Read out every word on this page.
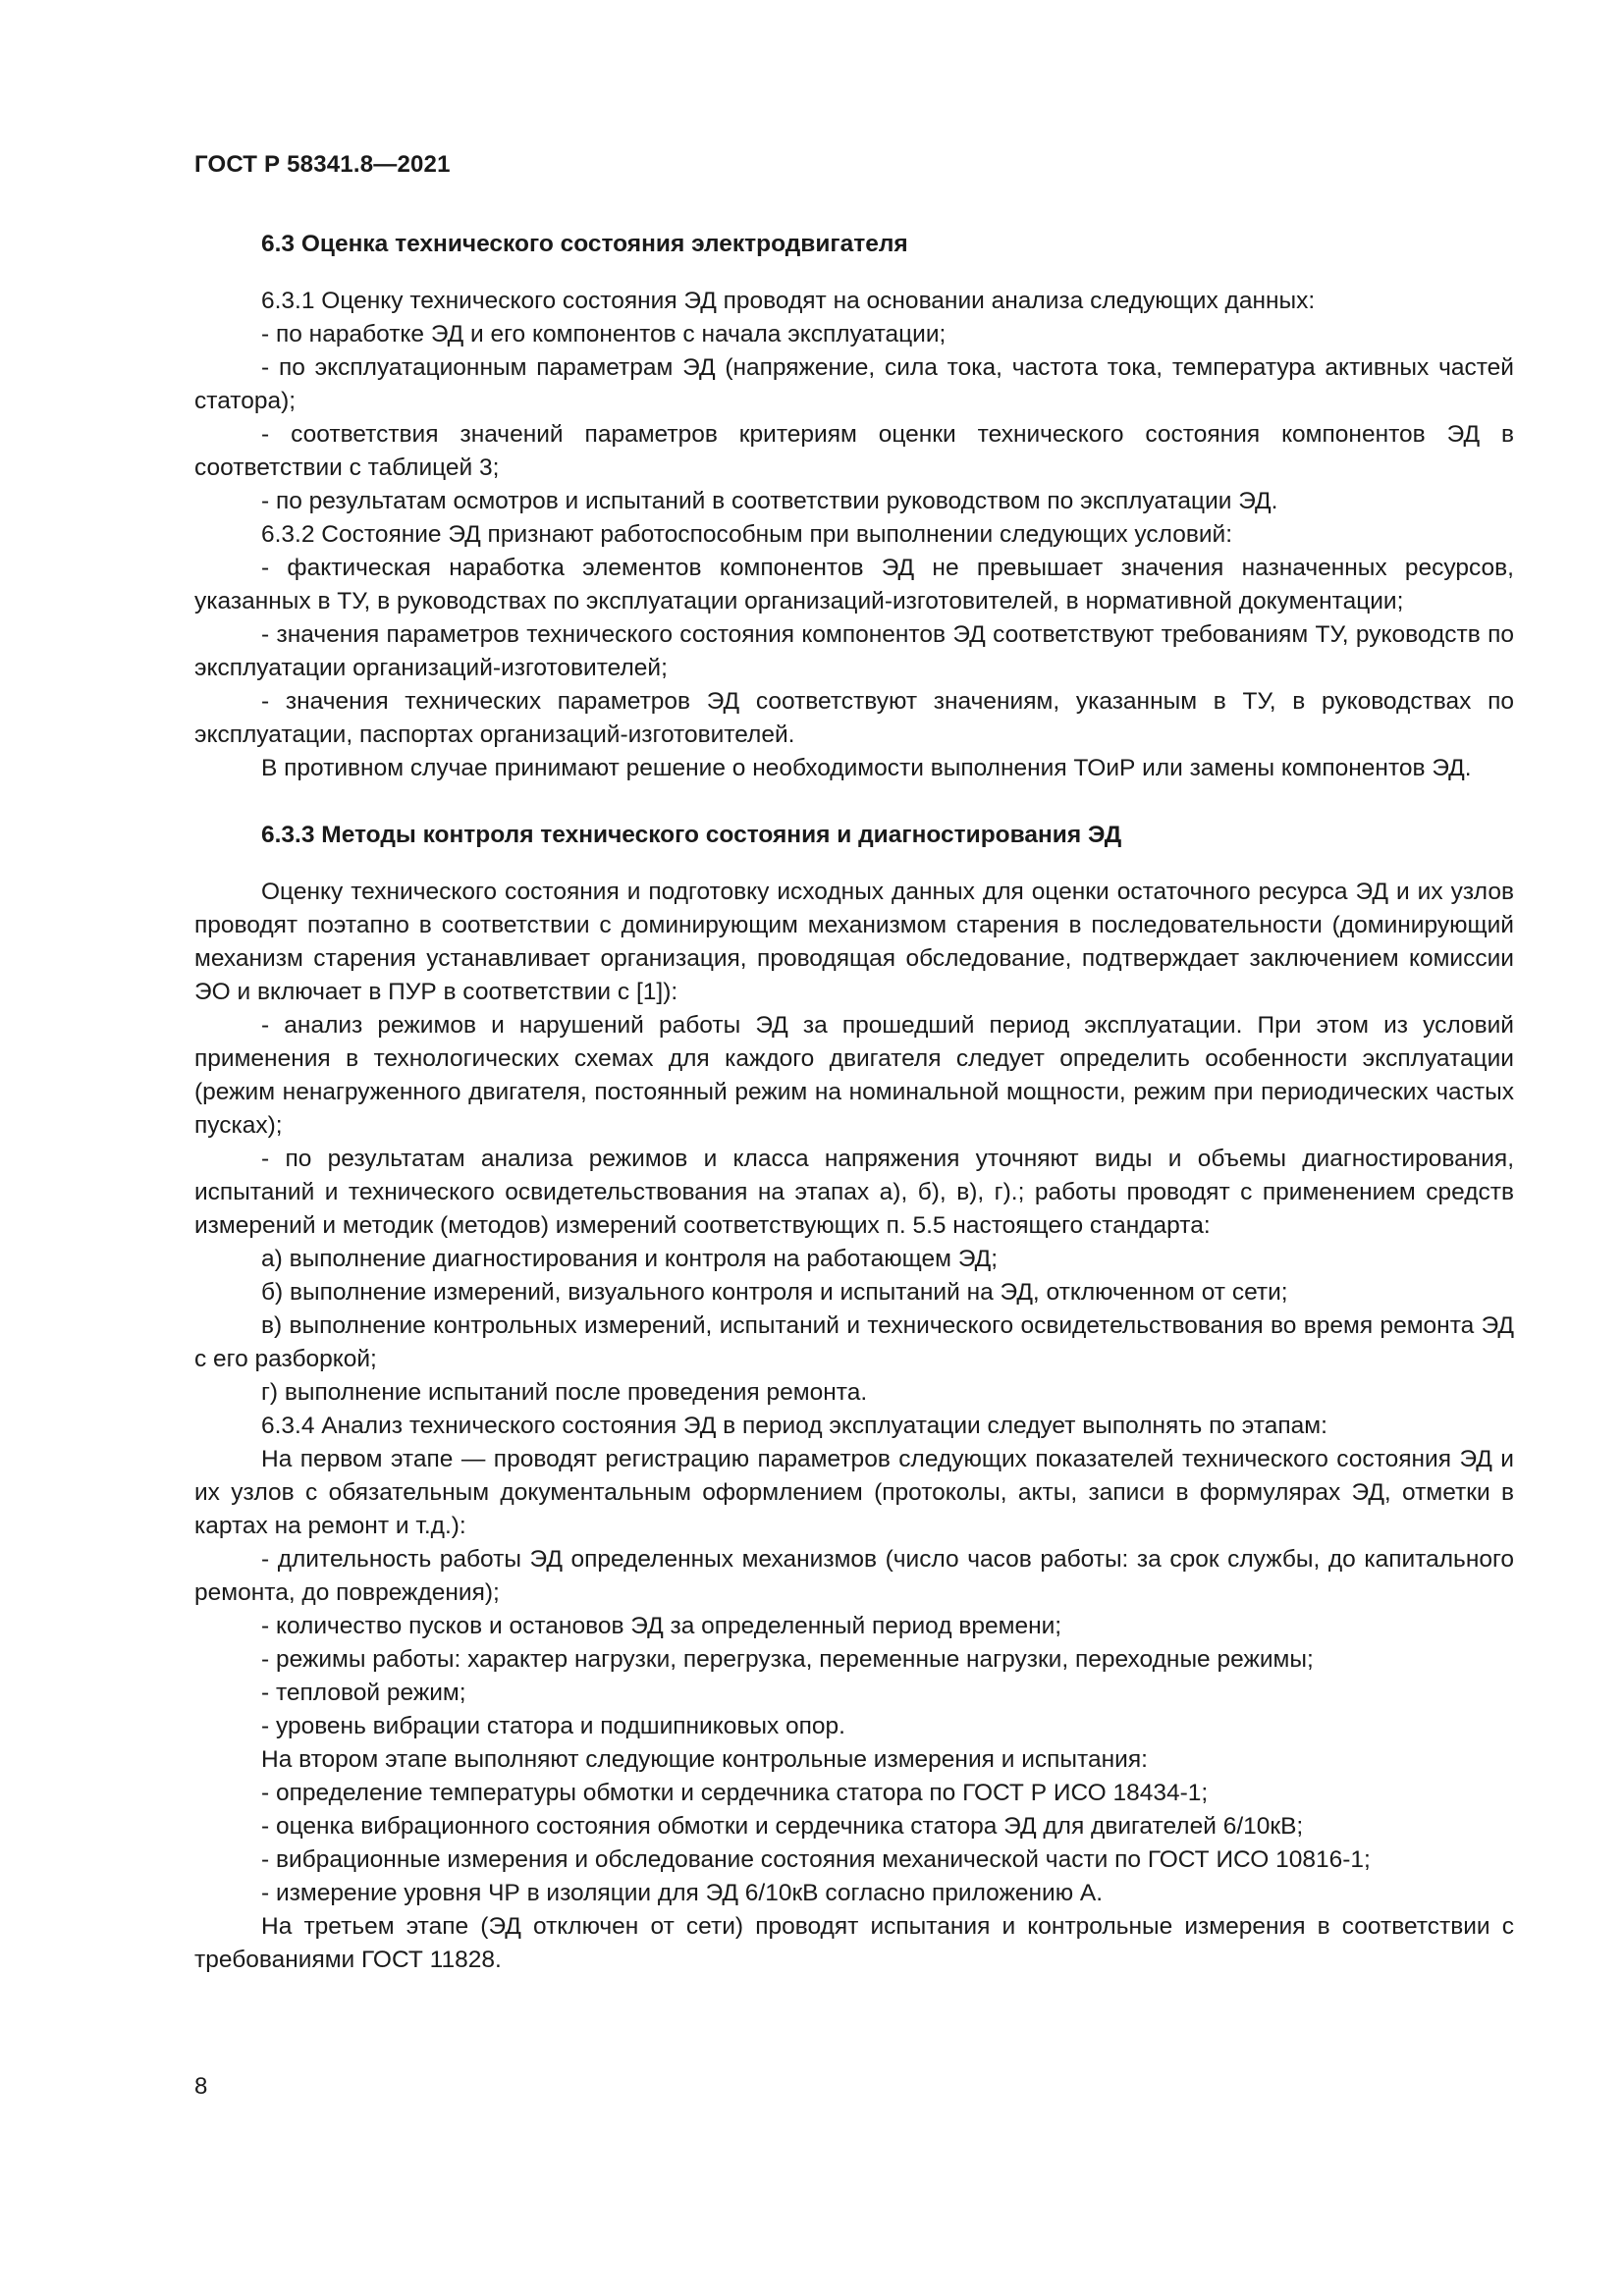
ГОСТ Р 58341.8—2021
6.3 Оценка технического состояния электродвигателя

6.3.1 Оценку технического состояния ЭД проводят на основании анализа следующих данных:

- по наработке ЭД и его компонентов с начала эксплуатации;

- по эксплуатационным параметрам ЭД (напряжение, сила тока, частота тока, температура активных частей статора);

- соответствия значений параметров критериям оценки технического состояния компонентов ЭД в соответствии с таблицей 3;

- по результатам осмотров и испытаний в соответствии руководством по эксплуатации ЭД.

6.3.2 Состояние ЭД признают работоспособным при выполнении следующих условий:

- фактическая наработка элементов компонентов ЭД не превышает значения назначенных ресурсов, указанных в ТУ, в руководствах по эксплуатации организаций-изготовителей, в нормативной документации;

- значения параметров технического состояния компонентов ЭД соответствуют требованиям ТУ, руководств по эксплуатации организаций-изготовителей;

- значения технических параметров ЭД соответствуют значениям, указанным в ТУ, в руководствах по эксплуатации, паспортах организаций-изготовителей.

В противном случае принимают решение о необходимости выполнения ТОиР или замены компонентов ЭД.

6.3.3 Методы контроля технического состояния и диагностирования ЭД

Оценку технического состояния и подготовку исходных данных для оценки остаточного ресурса ЭД и их узлов проводят поэтапно в соответствии с доминирующим механизмом старения в последовательности (доминирующий механизм старения устанавливает организация, проводящая обследование, подтверждает заключением комиссии ЭО и включает в ПУР в соответствии с [1]):

- анализ режимов и нарушений работы ЭД за прошедший период эксплуатации. При этом из условий применения в технологических схемах для каждого двигателя следует определить особенности эксплуатации (режим ненагруженного двигателя, постоянный режим на номинальной мощности, режим при периодических частых пусках);

- по результатам анализа режимов и класса напряжения уточняют виды и объемы диагностирования, испытаний и технического освидетельствования на этапах а), б), в), г).; работы проводят с применением средств измерений и методик (методов) измерений соответствующих п. 5.5 настоящего стандарта:

а) выполнение диагностирования и контроля на работающем ЭД;

б) выполнение измерений, визуального контроля и испытаний на ЭД, отключенном от сети;

в) выполнение контрольных измерений, испытаний и технического освидетельствования во время ремонта ЭД с его разборкой;

г) выполнение испытаний после проведения ремонта.

6.3.4 Анализ технического состояния ЭД в период эксплуатации следует выполнять по этапам:

На первом этапе — проводят регистрацию параметров следующих показателей технического состояния ЭД и их узлов с обязательным документальным оформлением (протоколы, акты, записи в формулярах ЭД, отметки в картах на ремонт и т.д.):

- длительность работы ЭД определенных механизмов (число часов работы: за срок службы, до капитального ремонта, до повреждения);

- количество пусков и остановов ЭД за определенный период времени;

- режимы работы: характер нагрузки, перегрузка, переменные нагрузки, переходные режимы;

- тепловой режим;

- уровень вибрации статора и подшипниковых опор.

На втором этапе выполняют следующие контрольные измерения и испытания:

- определение температуры обмотки и сердечника статора по ГОСТ Р ИСО 18434-1;

- оценка вибрационного состояния обмотки и сердечника статора ЭД для двигателей 6/10кВ;

- вибрационные измерения и обследование состояния механической части по ГОСТ ИСО 10816-1;

- измерение уровня ЧР в изоляции для ЭД 6/10кВ согласно приложению А.

На третьем этапе (ЭД отключен от сети) проводят испытания и контрольные измерения в соответствии с требованиями ГОСТ 11828.

8
